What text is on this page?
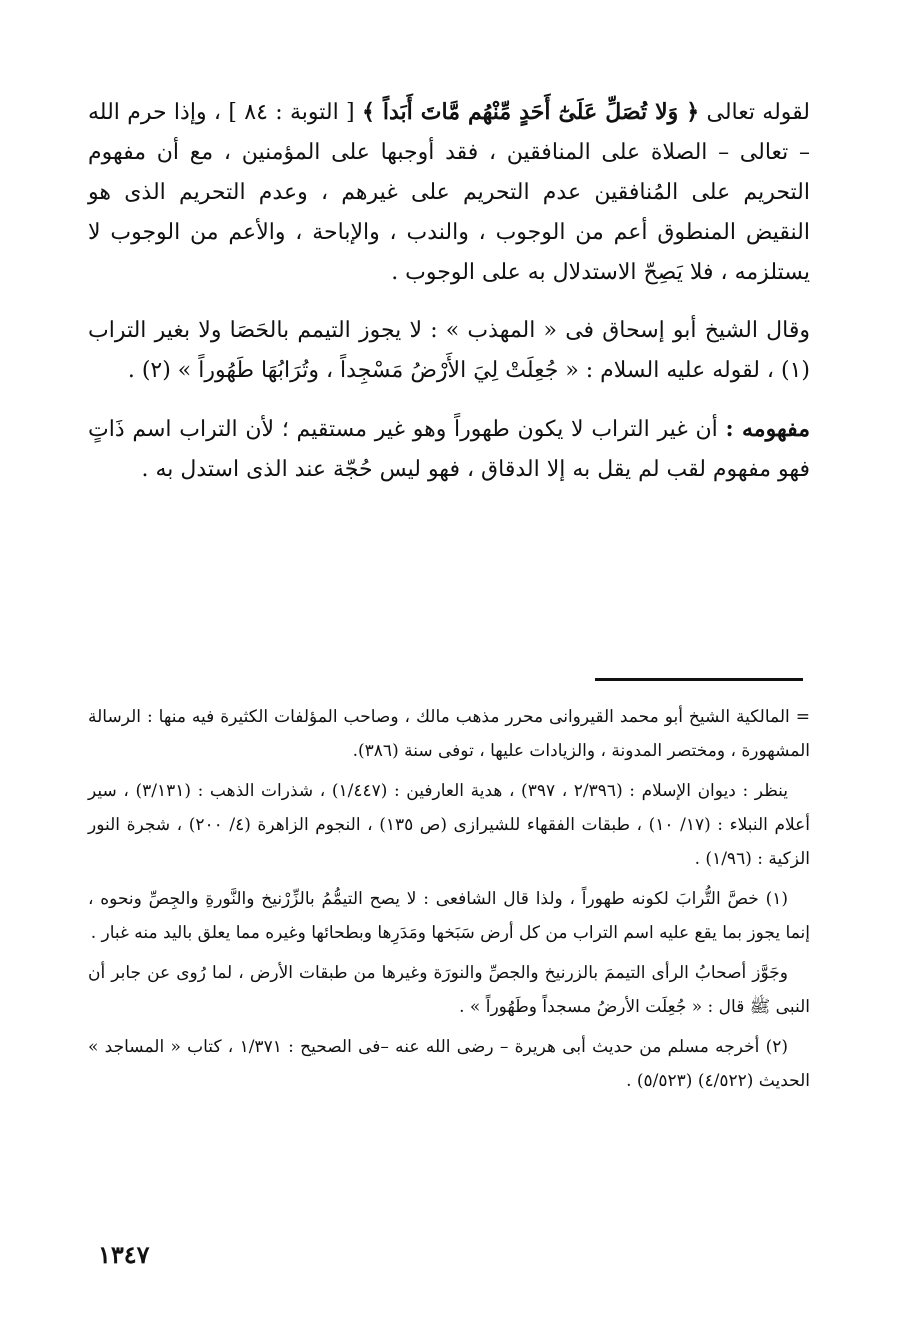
لقوله تعالى ﴿ وَلا تُصَلِّ عَلَىٰٓ أَحَدٍ مِّنْهُم مَّاتَ أَبَداً ﴾ [ التوبة : ٨٤ ] ، وإذا حرم الله – تعالى – الصلاة على المنافقين ، فقد أوجبها على المؤمنين ، مع أن مفهوم التحريم على المُنافقين عدم التحريم على غيرهم ، وعدم التحريم الذى هو النقيض المنطوق أعم من الوجوب ، والندب ، والإباحة ، والأعم من الوجوب لا يستلزمه ، فلا يَصِحّ الاستدلال به على الوجوب .

وقال الشيخ أبو إسحاق فى « المهذب » : لا يجوز التيمم بالحَصَا ولا بغير التراب (١) ، لقوله عليه السلام : « جُعِلَتْ لِيَ الأَرْضُ مَسْجِداً ، وتُرَابُهَا طَهُوراً » (٢) .

مفهومه : أن غير التراب لا يكون طهوراً وهو غير مستقيم ؛ لأن التراب اسم ذَاتٍ فهو مفهوم لقب لم يقل به إلا الدقاق ، فهو ليس حُجّة عند الذى استدل به .

= المالكية الشيخ أبو محمد القيروانى محرر مذهب مالك ، وصاحب المؤلفات الكثيرة فيه منها : الرسالة المشهورة ، ومختصر المدونة ، والزيادات عليها ، توفى سنة (٣٨٦).

ينظر : ديوان الإسلام : (٢/٣٩٦ ، ٣٩٧) ، هدية العارفين : (١/٤٤٧) ، شذرات الذهب : (٣/١٣١) ، سير أعلام النبلاء : (١٧/ ١٠) ، طبقات الفقهاء للشيرازى (ص ١٣٥) ، النجوم الزاهرة (٤/ ٢٠٠) ، شجرة النور الزكية : (١/٩٦) .

(١) خصَّ التُّرابَ لكونه طهوراً ، ولذا قال الشافعى : لا يصح التيمُّمُ بالزِّرْنيخ والنَّورةِ والجِصِّ ونحوه ، إنما يجوز بما يقع عليه اسم التراب من كل أرض سَبَخها ومَدَرِها وبطحائها وغيره مما يعلق باليد منه غبار .

وجَوَّز أصحابُ الرأى التيممَ بالزرنيخ والجصِّ والنورَة وغيرها من طبقات الأرض ، لما رُوى عن جابر أن النبى ﷺ قال : « جُعِلَت الأرضُ مسجداً وطَهُوراً » .

(٢) أخرجه مسلم من حديث أبى هريرة – رضى الله عنه –فى الصحيح : ١/٣٧١ ، كتاب « المساجد » الحديث (٤/٥٢٢) (٥/٥٢٣) .

١٣٤٧
